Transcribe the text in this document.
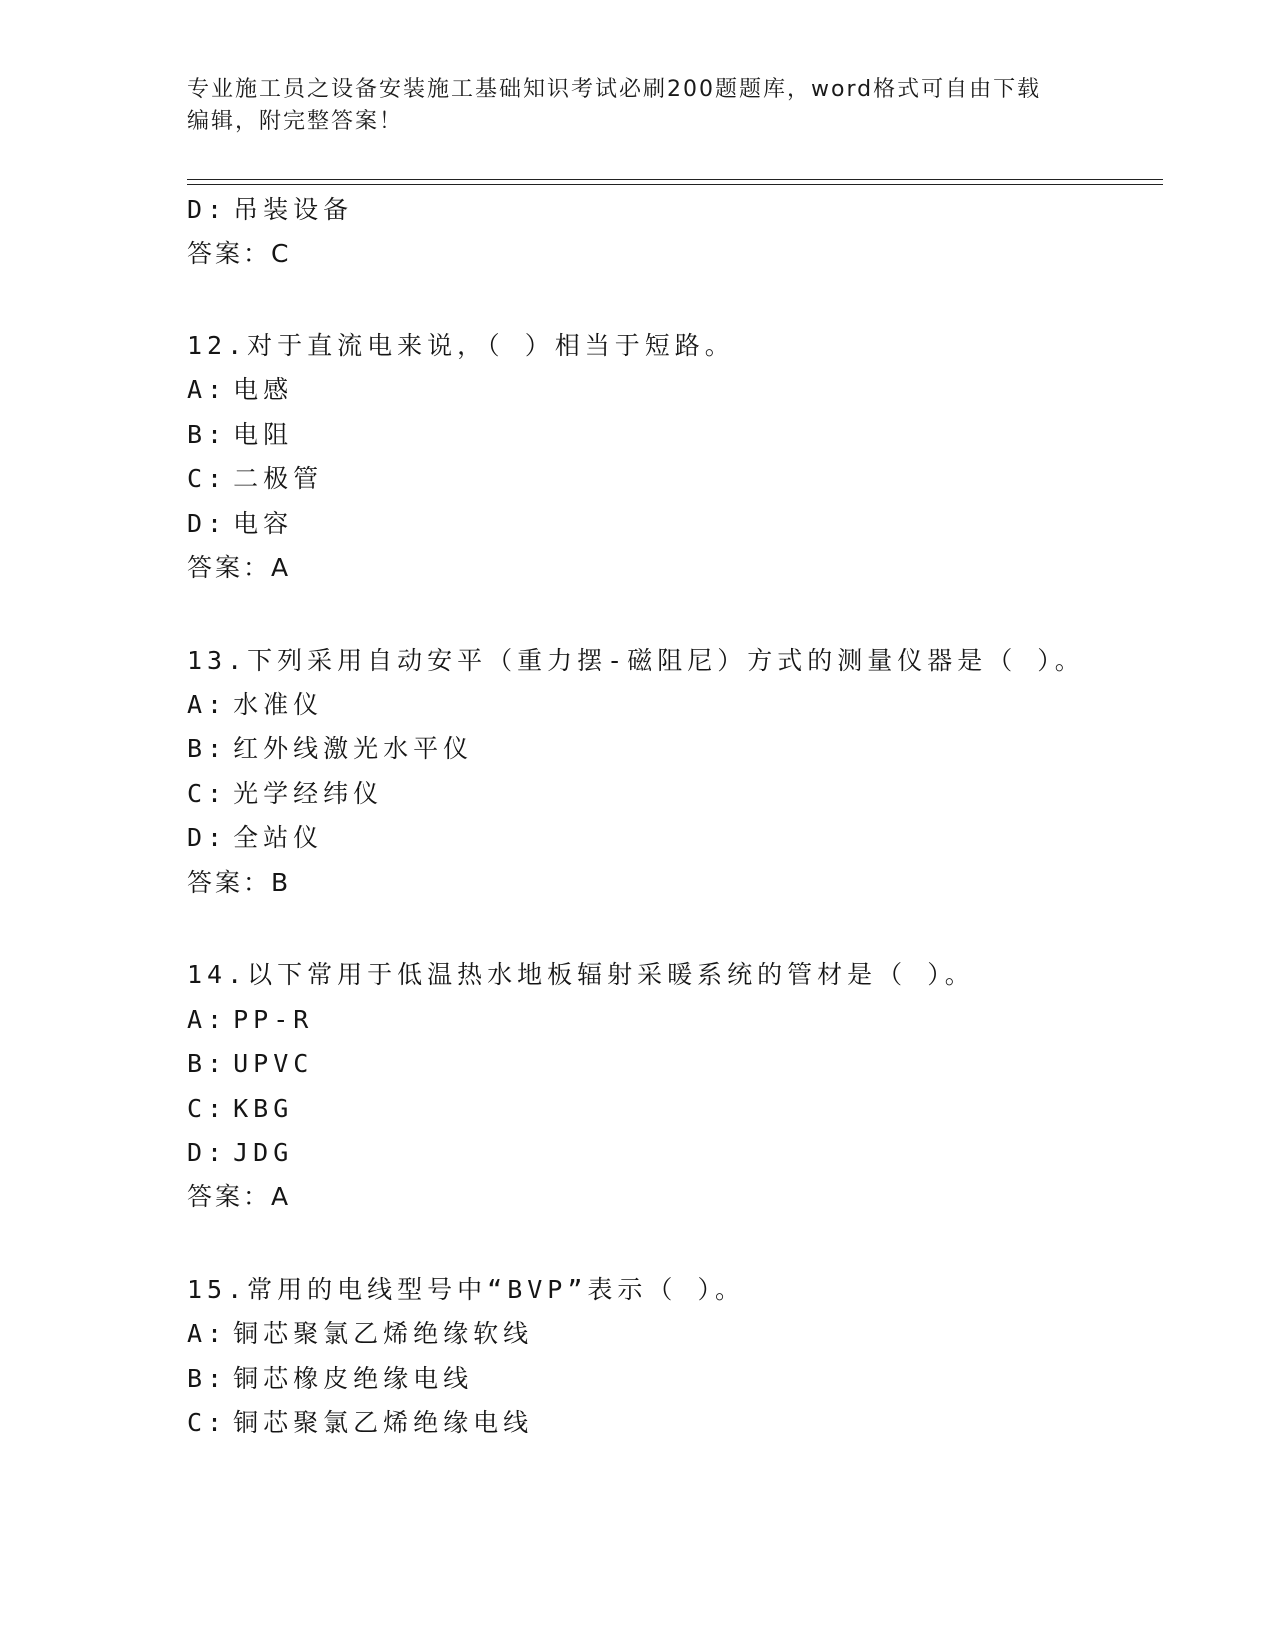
专业施工员之设备安装施工基础知识考试必刷200题题库，word格式可自由下载
编辑，附完整答案！
D: 吊装设备
答案：C
12.对于直流电来说，（ ）相当于短路。
A: 电感
B: 电阻
C: 二极管
D: 电容
答案：A
13.下列采用自动安平（重力摆-磁阻尼）方式的测量仪器是（ ）。
A: 水准仪
B: 红外线激光水平仪
C: 光学经纬仪
D: 全站仪
答案：B
14.以下常用于低温热水地板辐射采暖系统的管材是（ ）。
A: PP-R
B: UPVC
C: KBG
D: JDG
答案：A
15.常用的电线型号中“BVP”表示（ ）。
A: 铜芯聚氯乙烯绝缘软线
B: 铜芯橡皮绝缘电线
C: 铜芯聚氯乙烯绝缘电线
